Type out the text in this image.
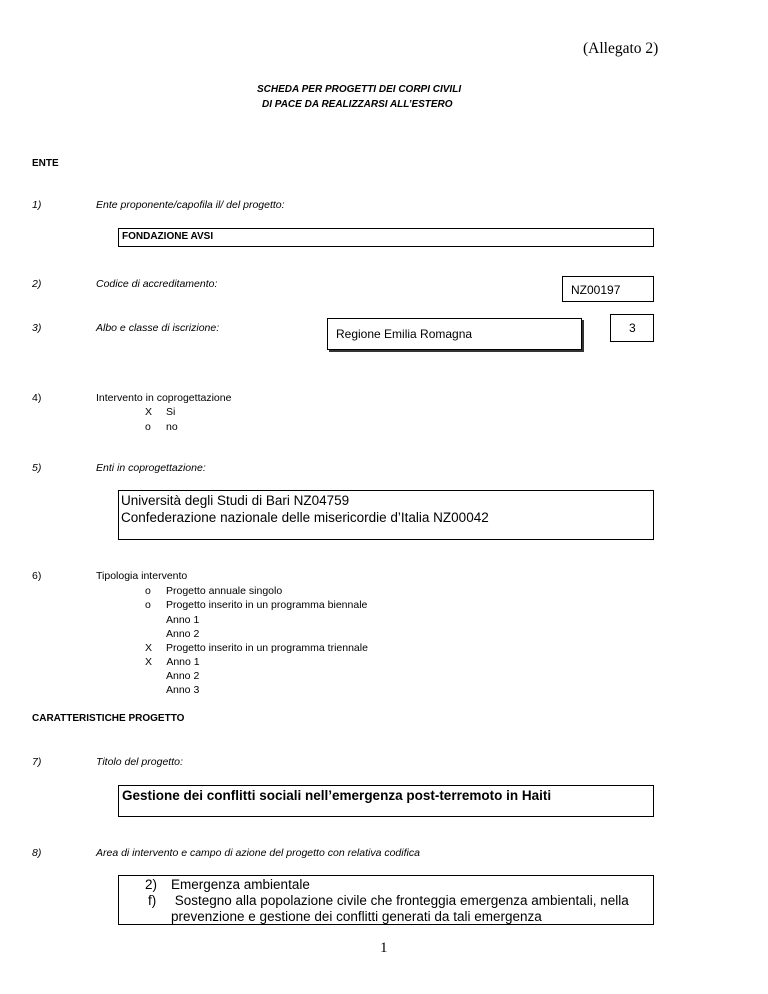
(Allegato 2)
SCHEDA PER PROGETTI DEI CORPI CIVILI
DI PACE DA REALIZZARSI ALL’ESTERO
ENTE
1)	Ente proponente/capofila il/ del progetto:
FONDAZIONE AVSI
2)	Codice di accreditamento:	NZ00197
3)	Albo e classe di iscrizione:	Regione Emilia Romagna	3
4)	Intervento in coprogettazione
X Si
o no
5)	Enti in coprogettazione:
Università degli Studi di Bari NZ04759
Confederazione nazionale delle misericordie d’Italia NZ00042
6)	Tipologia intervento
o Progetto annuale singolo
o Progetto inserito in un programma biennale
Anno 1
Anno 2
X Progetto inserito in un programma triennale
X Anno 1
Anno 2
Anno 3
CARATTERISTICHE PROGETTO
7)	Titolo del progetto:
Gestione dei conflitti sociali nell’emergenza post-terremoto in Haiti
8)	Area di intervento e campo di azione del progetto con relativa codifica
2) Emergenza ambientale
f) Sostegno alla popolazione civile che fronteggia emergenza ambientali, nella
prevenzione e gestione dei conflitti generati da tali emergenza
1
